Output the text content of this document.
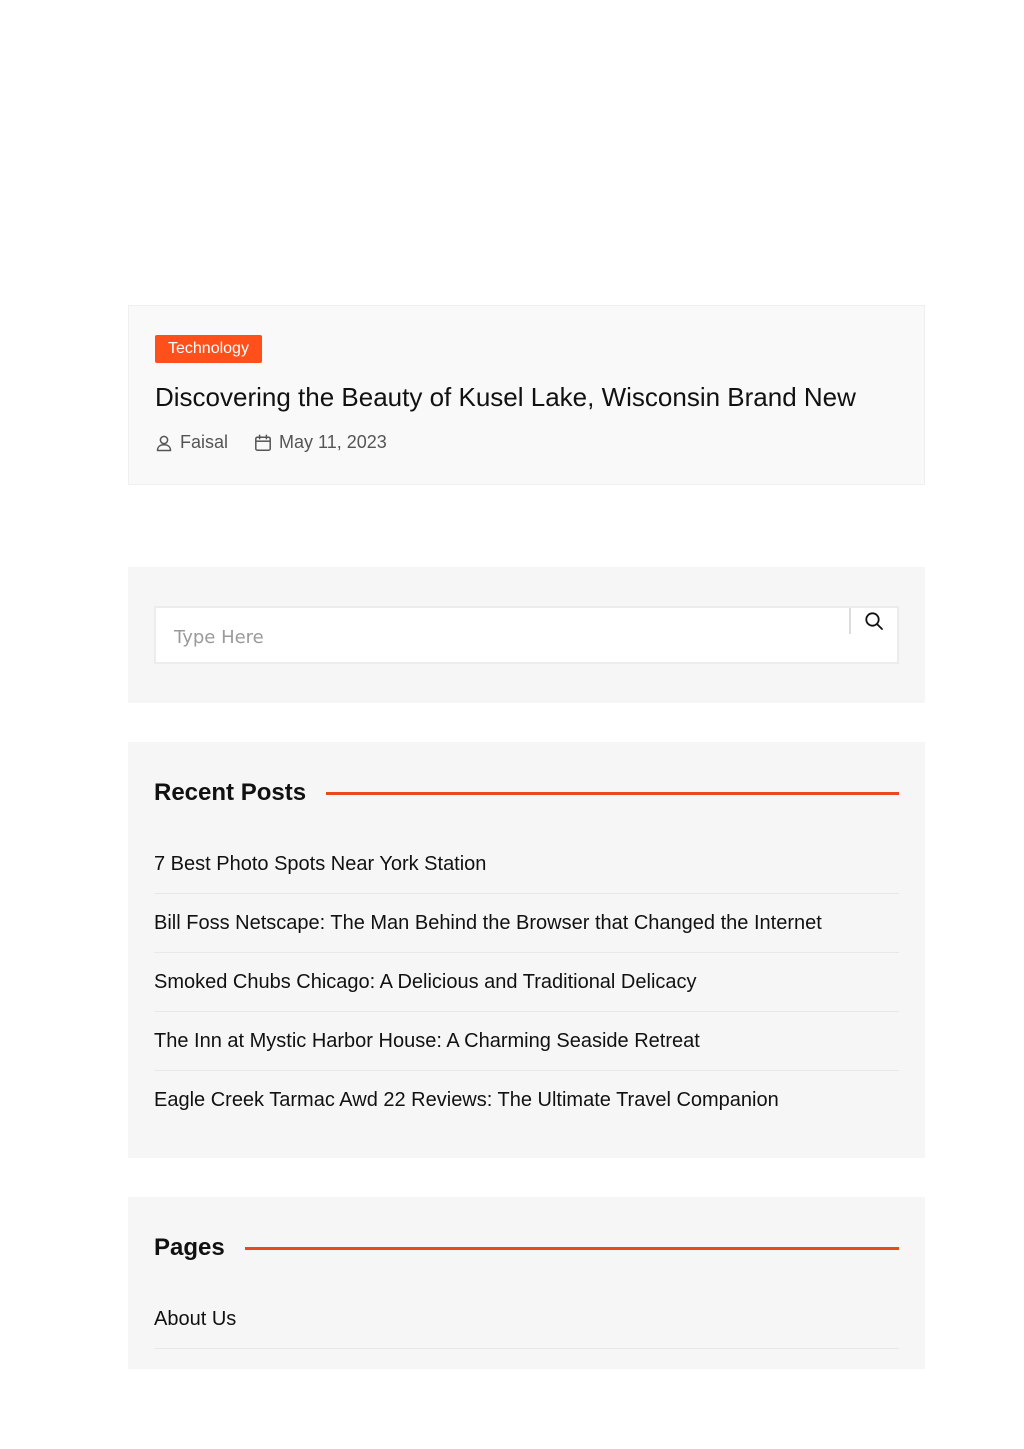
Technology
Discovering the Beauty of Kusel Lake, Wisconsin Brand New
Faisal	May 11, 2023
Type Here
Recent Posts
7 Best Photo Spots Near York Station
Bill Foss Netscape: The Man Behind the Browser that Changed the Internet
Smoked Chubs Chicago: A Delicious and Traditional Delicacy
The Inn at Mystic Harbor House: A Charming Seaside Retreat
Eagle Creek Tarmac Awd 22 Reviews: The Ultimate Travel Companion
Pages
About Us
